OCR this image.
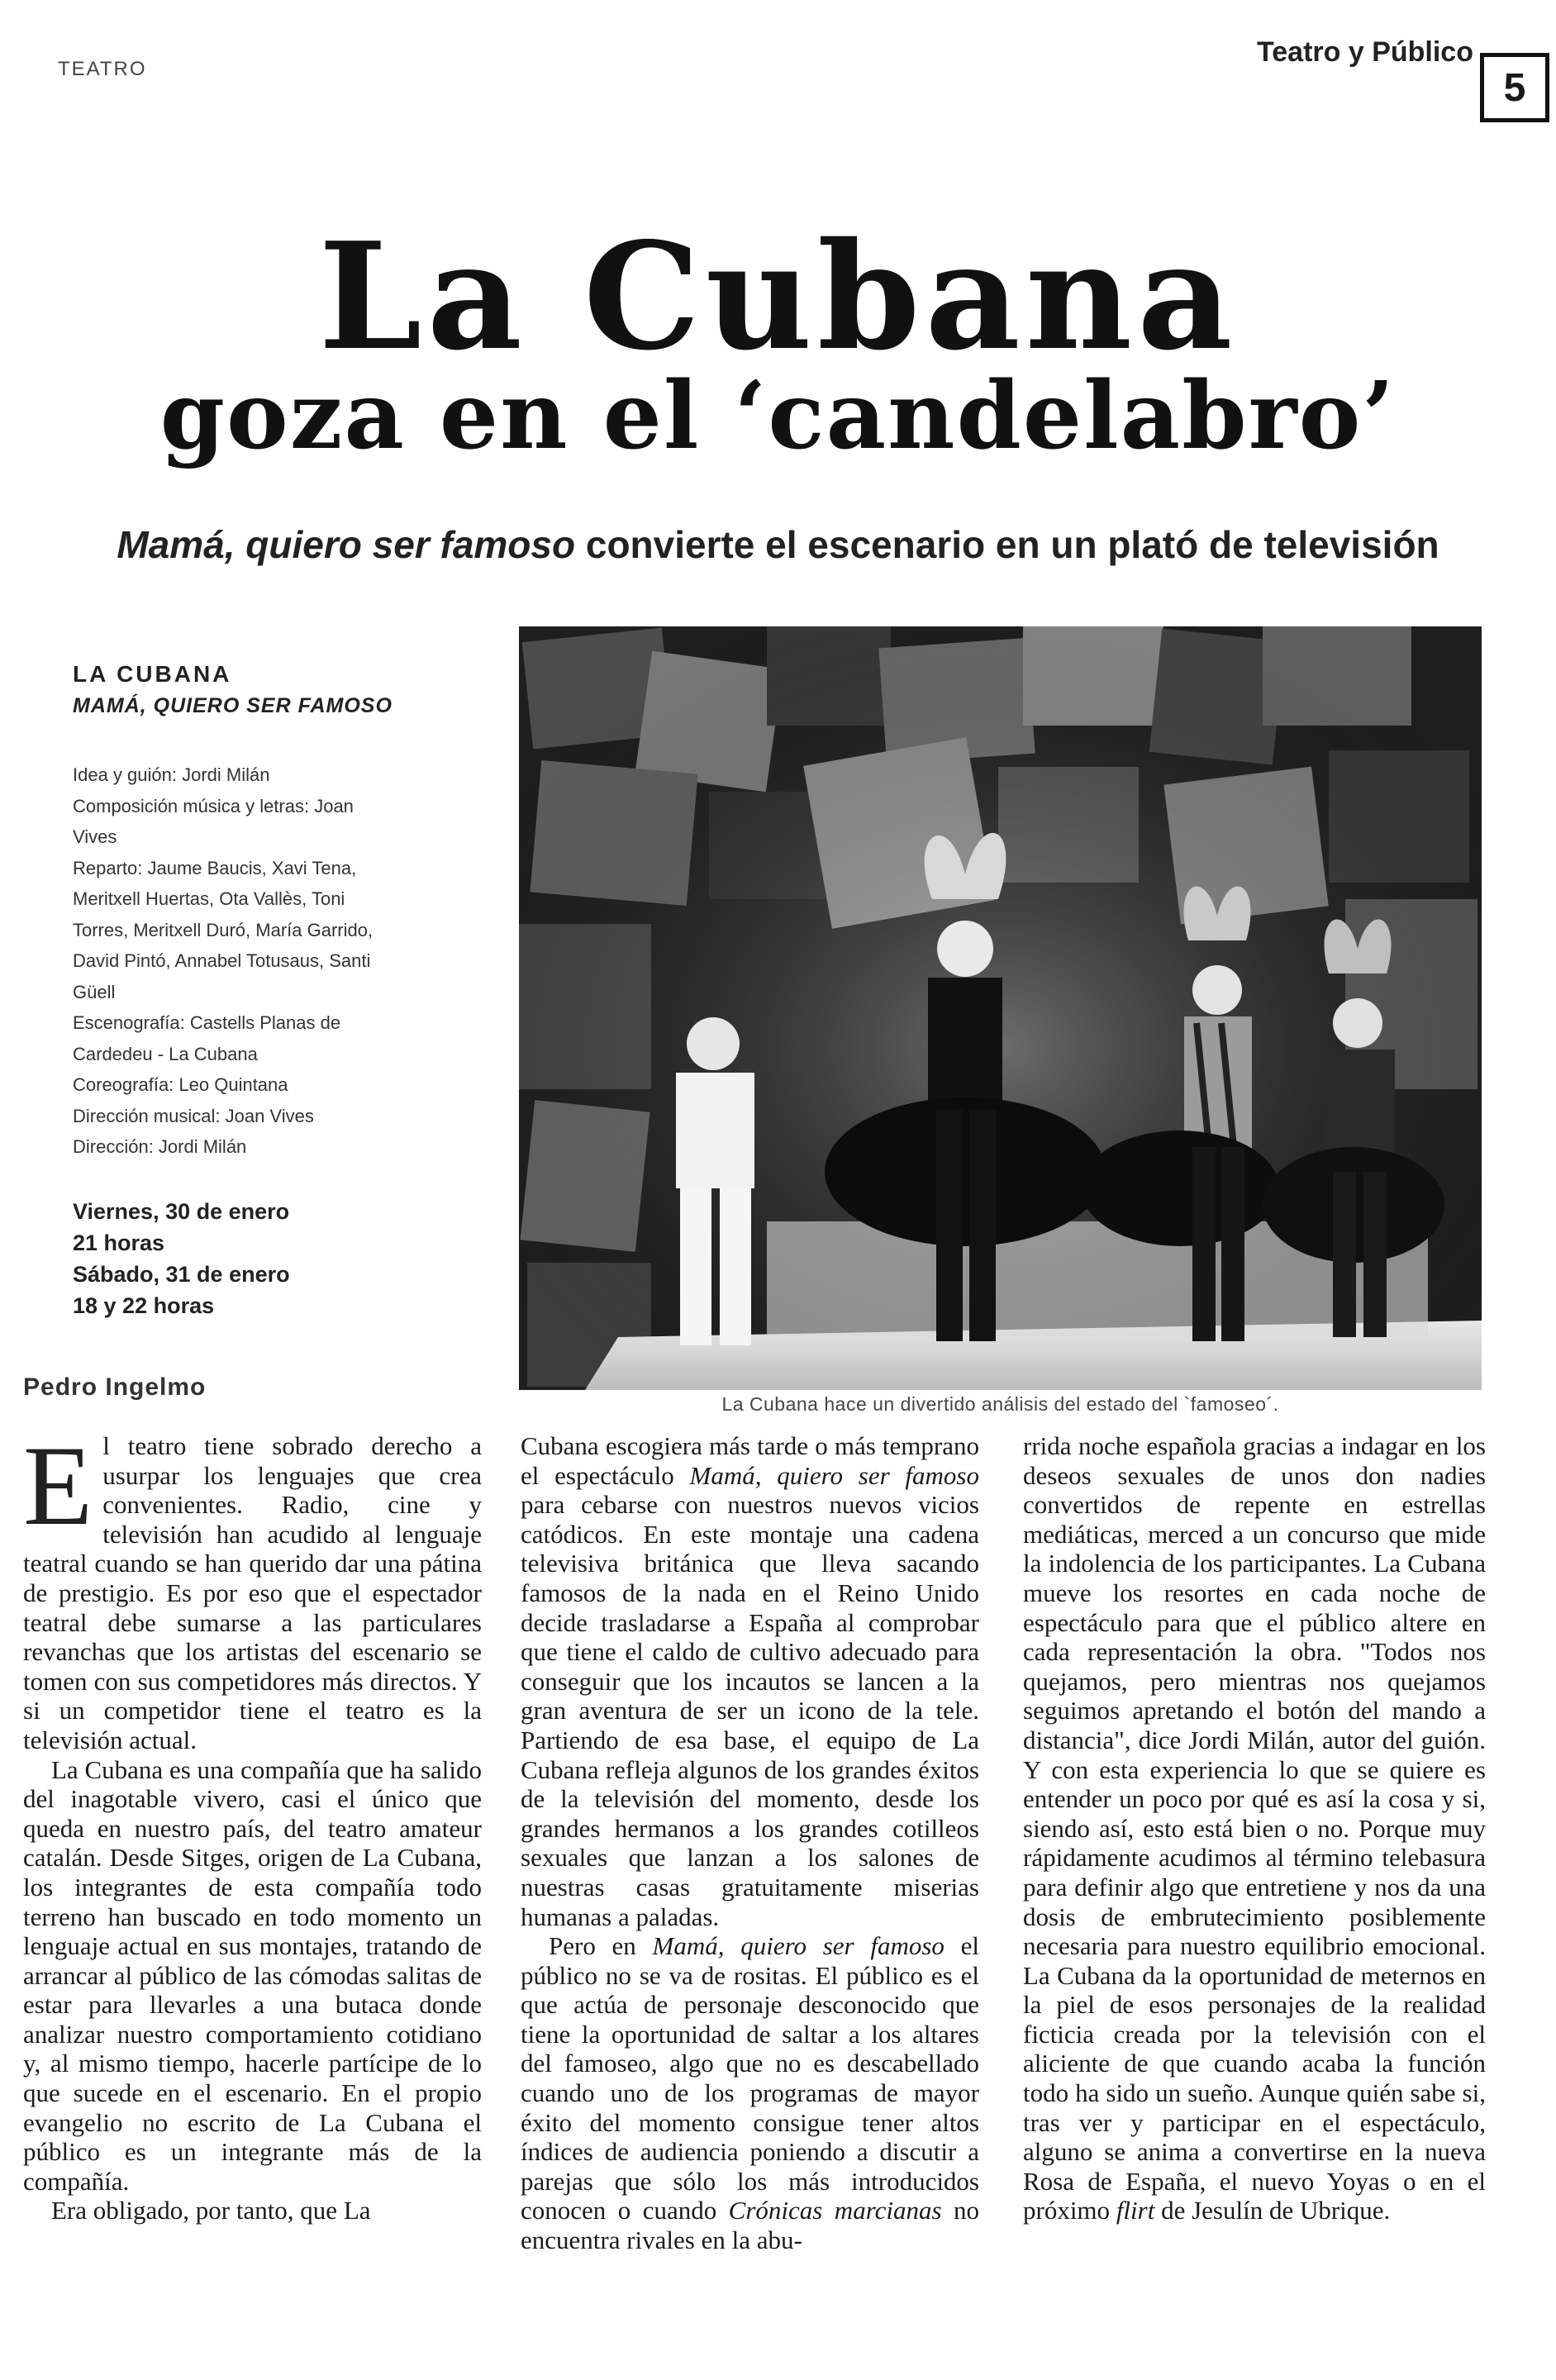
TEATRO
Teatro y Público
5
La Cubana
goza en el ‘candelabro’
Mamá, quiero ser famoso convierte el escenario en un plató de televisión
LA CUBANA
MAMÁ, QUIERO SER FAMOSO
Idea y guión: Jordi Milán
Composición música y letras: Joan
Vives
Reparto: Jaume Baucis, Xavi Tena,
Meritxell Huertas, Ota Vallès, Toni
Torres, Meritxell Duró, María Garrido,
David Pintó, Annabel Totusaus, Santi
Güell
Escenografía: Castells Planas de
Cardedeu - La Cubana
Coreografía: Leo Quintana
Dirección musical: Joan Vives
Dirección: Jordi Milán
Viernes, 30 de enero
21 horas
Sábado, 31 de enero
18 y 22 horas
La Cubana hace un divertido análisis del estado del `famoseo´.
Pedro Ingelmo

El teatro tiene sobrado derecho a usurpar los lenguajes que crea convenientes. Radio, cine y televisión han acudido al lenguaje teatral cuando se han querido dar una pátina de prestigio. Es por eso que el espectador teatral debe sumarse a las particulares revanchas que los artistas del escenario se tomen con sus competidores más directos. Y si un competidor tiene el teatro es la televisión actual.

La Cubana es una compañía que ha salido del inagotable vivero, casi el único que queda en nuestro país, del teatro amateur catalán. Desde Sitges, origen de La Cubana, los integrantes de esta compañía todo terreno han buscado en todo momento un lenguaje actual en sus montajes, tratando de arrancar al público de las cómodas salitas de estar para llevarles a una butaca donde analizar nuestro comportamiento cotidiano y, al mismo tiempo, hacerle partícipe de lo que sucede en el escenario. En el propio evangelio no escrito de La Cubana el público es un integrante más de la compañía.

Era obligado, por tanto, que La

Cubana escogiera más tarde o más temprano el espectáculo Mamá, quiero ser famoso para cebarse con nuestros nuevos vicios catódicos. En este montaje una cadena televisiva británica que lleva sacando famosos de la nada en el Reino Unido decide trasladarse a España al comprobar que tiene el caldo de cultivo adecuado para conseguir que los incautos se lancen a la gran aventura de ser un icono de la tele. Partiendo de esa base, el equipo de La Cubana refleja algunos de los grandes éxitos de la televisión del momento, desde los grandes hermanos a los grandes cotilleos sexuales que lanzan a los salones de nuestras casas gratuitamente miserias humanas a paladas.

Pero en Mamá, quiero ser famoso el público no se va de rositas. El público es el que actúa de personaje desconocido que tiene la oportunidad de saltar a los altares del famoseo, algo que no es descabellado cuando uno de los programas de mayor éxito del momento consigue tener altos índices de audiencia poniendo a discutir a parejas que sólo los más introducidos conocen o cuando Crónicas marcianas no encuentra rivales en la abu-

rrida noche española gracias a indagar en los deseos sexuales de unos don nadies convertidos de repente en estrellas mediáticas, merced a un concurso que mide la indolencia de los participantes. La Cubana mueve los resortes en cada noche de espectáculo para que el público altere en cada representación la obra. "Todos nos quejamos, pero mientras nos quejamos seguimos apretando el botón del mando a distancia", dice Jordi Milán, autor del guión. Y con esta experiencia lo que se quiere es entender un poco por qué es así la cosa y si, siendo así, esto está bien o no. Porque muy rápidamente acudimos al término telebasura para definir algo que entretiene y nos da una dosis de embrutecimiento posiblemente necesaria para nuestro equilibrio emocional. La Cubana da la oportunidad de meternos en la piel de esos personajes de la realidad ficticia creada por la televisión con el aliciente de que cuando acaba la función todo ha sido un sueño. Aunque quién sabe si, tras ver y participar en el espectáculo, alguno se anima a convertirse en la nueva Rosa de España, el nuevo Yoyas o en el próximo flirt de Jesulín de Ubrique.
